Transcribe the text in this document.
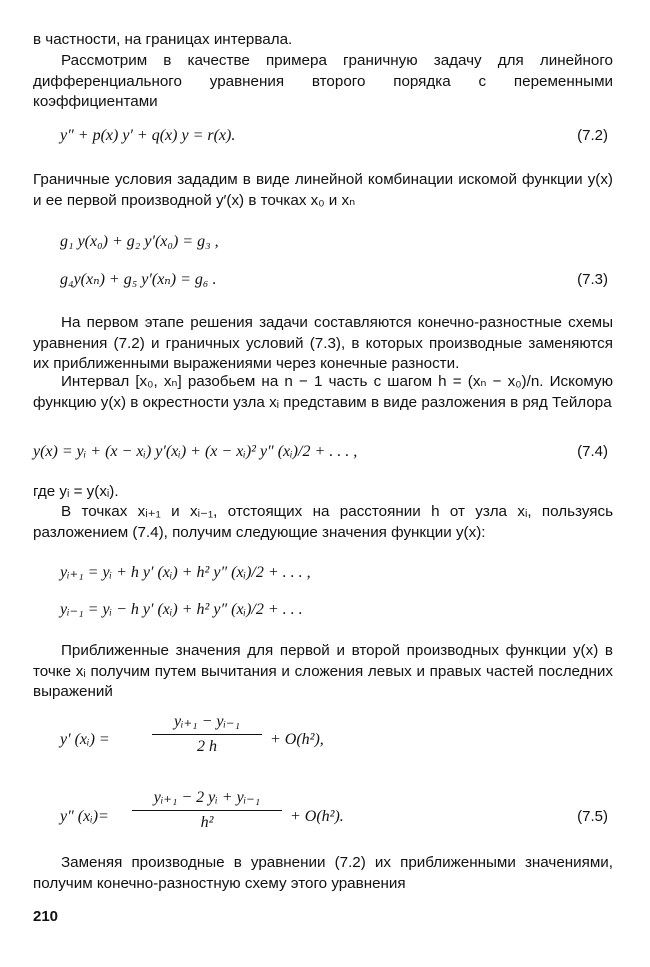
в частности, на границах интервала.
Рассмотрим в качестве примера граничную задачу для линейного дифференциального уравнения второго порядка с переменными коэффициентами
y″ + p(x) y′ + q(x) y = r(x).	(7.2)
Граничные условия зададим в виде линейной комбинации искомой функции y(x) и ее первой производной y′(x) в точках x₀ и xₙ
g₁ y(x₀) + g₂ y′(x₀) = g₃ ,
g₄y(xₙ) + g₅ y′(xₙ) = g₆ .	(7.3)
На первом этапе решения задачи составляются конечно-разностные схемы уравнения (7.2) и граничных условий (7.3), в которых производные заменяются их приближенными выражениями через конечные разности.
Интервал [x₀, xₙ] разобьем на n − 1 часть с шагом h = (xₙ − x₀)/n. Искомую функцию y(x) в окрестности узла xᵢ представим в виде разложения в ряд Тейлора
y(x) = yᵢ + (x − xᵢ) y′(xᵢ) + (x − xᵢ)² y″ (xᵢ)/2 + . . . ,	(7.4)
где yᵢ = y(xᵢ).
В точках xᵢ₊₁ и xᵢ₋₁, отстоящих на расстоянии h от узла xᵢ, пользуясь разложением (7.4), получим следующие значения функции y(x):
yᵢ₊₁ = yᵢ + h y′ (xᵢ) + h² y″ (xᵢ)/2 + . . . ,
yᵢ₋₁ = yᵢ − h y′ (xᵢ) + h² y″ (xᵢ)/2 + . . .
Приближенные значения для первой и второй производных функции y(x) в точке xᵢ получим путем вычитания и сложения левых и правых частей последних выражений
y′ (xᵢ) =	$\frac{\text{yᵢ₊₁ − yᵢ₋₁}}{2 h} + O(h^2)$,
y″ (xᵢ)=	$\frac{\text{yᵢ₊₁ − 2 yᵢ + yᵢ₋₁}}{\text{h²}} + O(h^2)$.	(7.5)
Заменяя производные в уравнении (7.2) их приближенными значениями, получим конечно-разностную схему этого уравнения
210
